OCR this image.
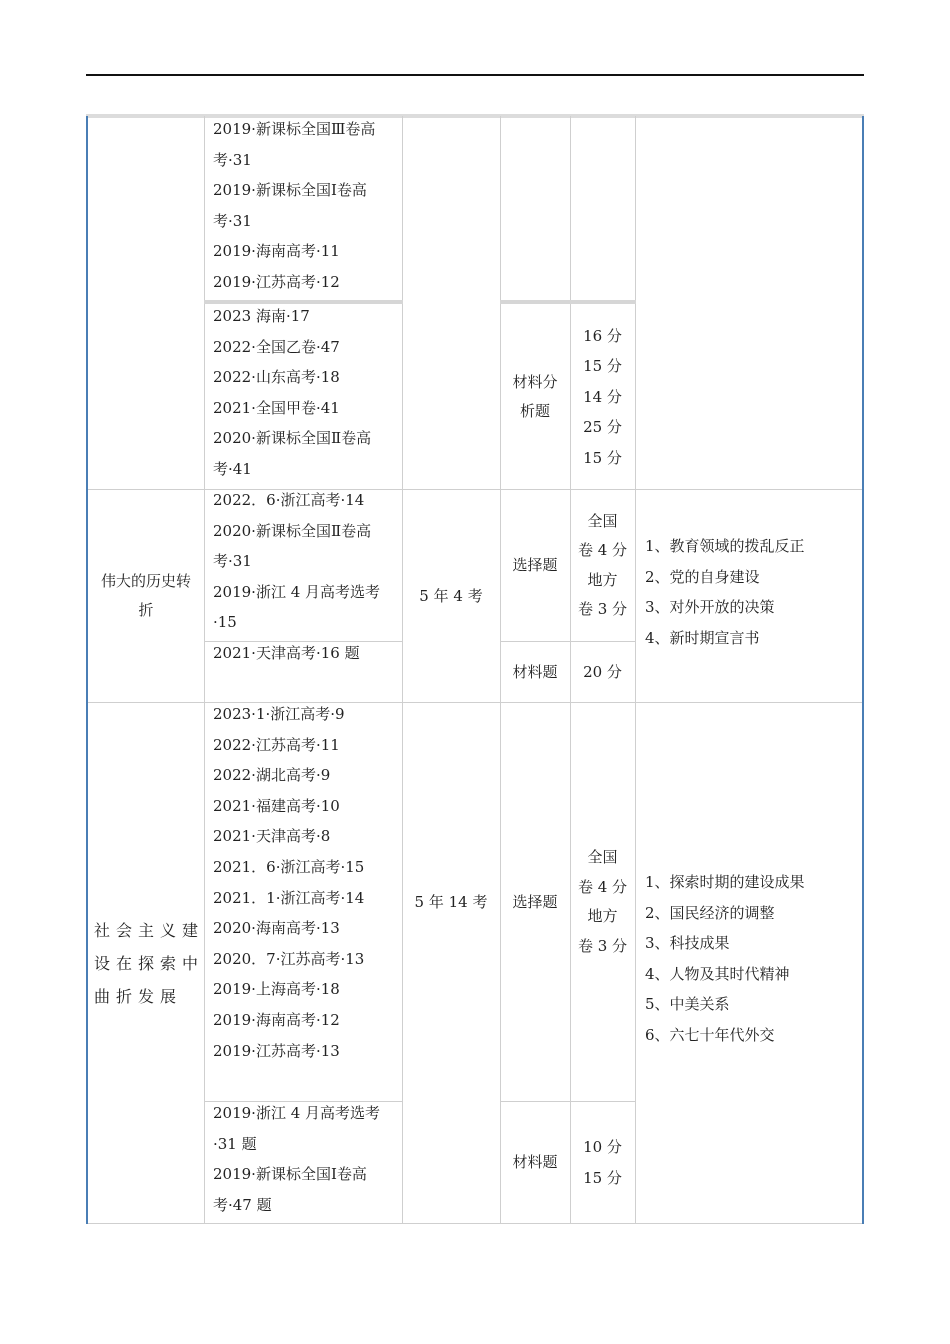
2019·新课标全国Ⅲ卷高
考·31
2019·新课标全国Ⅰ卷高
考·31
2019·海南高考·11
2019·江苏高考·12
2023 海南·17
2022·全国乙卷·47
2022·山东高考·18
2021·全国甲卷·41
2020·新课标全国Ⅱ卷高
考·41
材料分
析题
16 分
15 分
14 分
25 分
15 分
伟大的历史转
折
2022．6·浙江高考·14
2020·新课标全国Ⅱ卷高
考·31
2019·浙江 4 月高考选考
·15
2021·天津高考·16 题
5 年 4 考
选择题
全国
卷 4 分
地方
卷 3 分
材料题 20 分
1、教育领域的拨乱反正
2、党的自身建设
3、对外开放的决策
4、新时期宣言书
社会主义建
设在探索中
曲折发展
2023·1·浙江高考·9
2022·江苏高考·11
2022·湖北高考·9
2021·福建高考·10
2021·天津高考·8
2021．6·浙江高考·15
2021．1·浙江高考·14
2020·海南高考·13
2020．7·江苏高考·13
2019·上海高考·18
2019·海南高考·12
2019·江苏高考·13
2019·浙江 4 月高考选考
·31 题
2019·新课标全国Ⅰ卷高
考·47 题
5 年 14 考 选择题
全国
卷 4 分
地方
卷 3 分
材料题
10 分
15 分
1、探索时期的建设成果
2、国民经济的调整
3、科技成果
4、人物及其时代精神
5、中美关系
6、六七十年代外交
